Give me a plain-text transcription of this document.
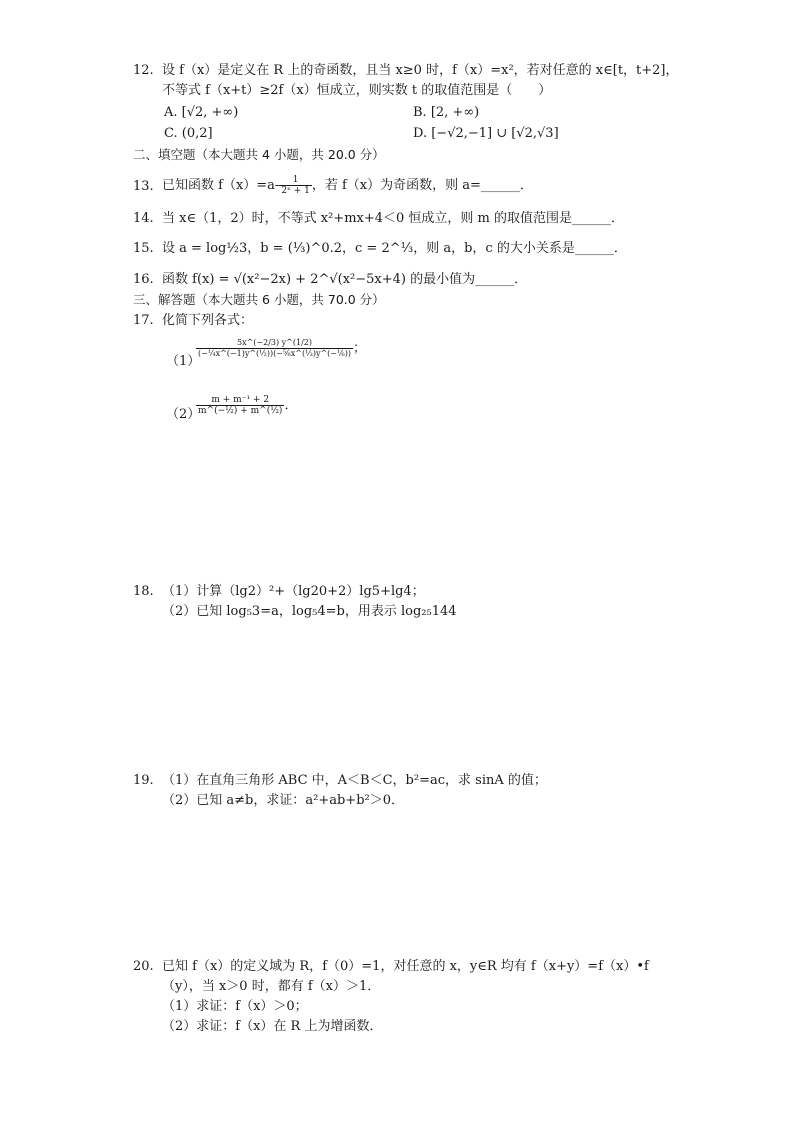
12. 设 f（x）是定义在 R 上的奇函数，且当 x≥0 时，f（x）=x²，若对任意的 x∈[t，t+2]，
不等式 f（x+t）≥2f（x）恒成立，则实数 t 的取值范围是（　　）
A. [√2, +∞)	B. [2, +∞)
C. (0,2]	D. [−√2,−1] ∪ [√2,√3]
二、填空题（本大题共 4 小题，共 20.0 分）
13. 已知函数 $f(x)=a- \frac{1}{\text{2ˣ + 1}}$ ，若 f（x）为奇函数，则 a=______．
14. 当 x∈（1，2）时，不等式 x²+mx+4＜0 恒成立，则 m 的取值范围是______．
15. 设 a = log½3，b = (⅓)^0.2，c = 2^⅓，则 a，b，c 的大小关系是______．
16. 函数 f(x) = √(x²−2x) + 2^√(x²−5x+4) 的最小值为______．
三、解答题（本大题共 6 小题，共 70.0 分）
17. 化简下列各式：
（1）
$\frac{5x\^{}(-2/3) y\^{}(1/2)}{\text{(−¼x\textasciicircum{}(−1)y\textasciicircum{}(½))(−⅚x\textasciicircum{}(⅓)y\textasciicircum{}(−⅙))}}$ ；
（2）
$\frac{\text{m + m⁻¹ + 2}}{\text{m\textasciicircum{}(−½) + m\textasciicircum{}(½)}}$ ．
18. （1）计算（lg2）²+（lg20+2）lg5+lg4；
（2）已知 log₅3=a，log₅4=b，用表示 log₂₅144
19. （1）在直角三角形 ABC 中，A＜B＜C，b²=ac，求 sinA 的值；
（2）已知 a≠b，求证：a²+ab+b²＞0．
20. 已知 f（x）的定义域为 R，f（0）=1，对任意的 x，y∈R 均有 f（x+y）=f（x）•f
（y），当 x＞0 时，都有 f（x）＞1．
（1）求证：f（x）＞0；
（2）求证：f（x）在 R 上为增函数．
